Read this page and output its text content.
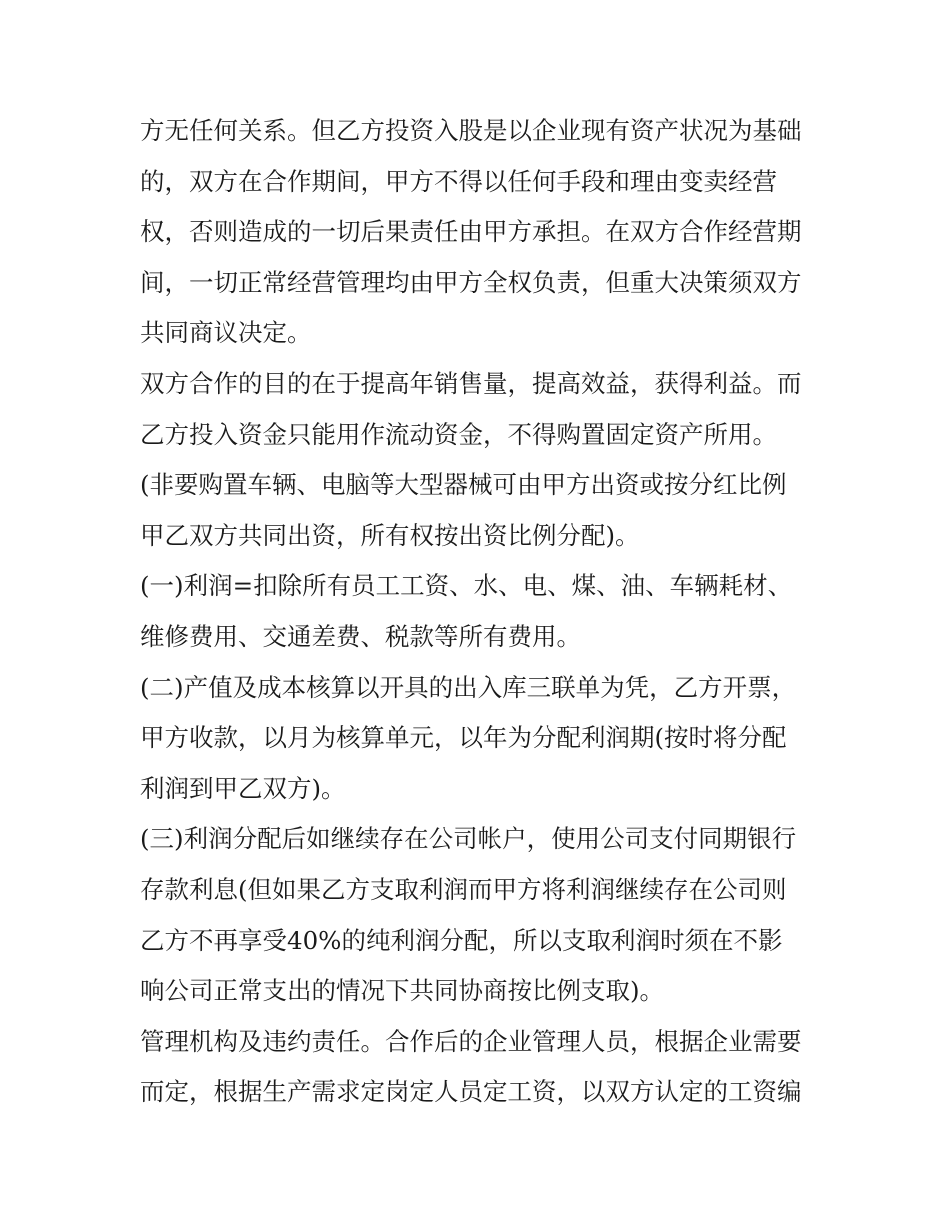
方无任何关系。但乙方投资入股是以企业现有资产状况为基础
的，双方在合作期间，甲方不得以任何手段和理由变卖经营
权，否则造成的一切后果责任由甲方承担。在双方合作经营期
间，一切正常经营管理均由甲方全权负责，但重大决策须双方
共同商议决定。
双方合作的目的在于提高年销售量，提高效益，获得利益。而
乙方投入资金只能用作流动资金，不得购置固定资产所用。
(非要购置车辆、电脑等大型器械可由甲方出资或按分红比例
甲乙双方共同出资，所有权按出资比例分配)。
(一)利润=扣除所有员工工资、水、电、煤、油、车辆耗材、
维修费用、交通差费、税款等所有费用。
(二)产值及成本核算以开具的出入库三联单为凭，乙方开票，
甲方收款，以月为核算单元，以年为分配利润期(按时将分配
利润到甲乙双方)。
(三)利润分配后如继续存在公司帐户，使用公司支付同期银行
存款利息(但如果乙方支取利润而甲方将利润继续存在公司则
乙方不再享受40%的纯利润分配，所以支取利润时须在不影
响公司正常支出的情况下共同协商按比例支取)。
管理机构及违约责任。合作后的企业管理人员，根据企业需要
而定，根据生产需求定岗定人员定工资，以双方认定的工资编
